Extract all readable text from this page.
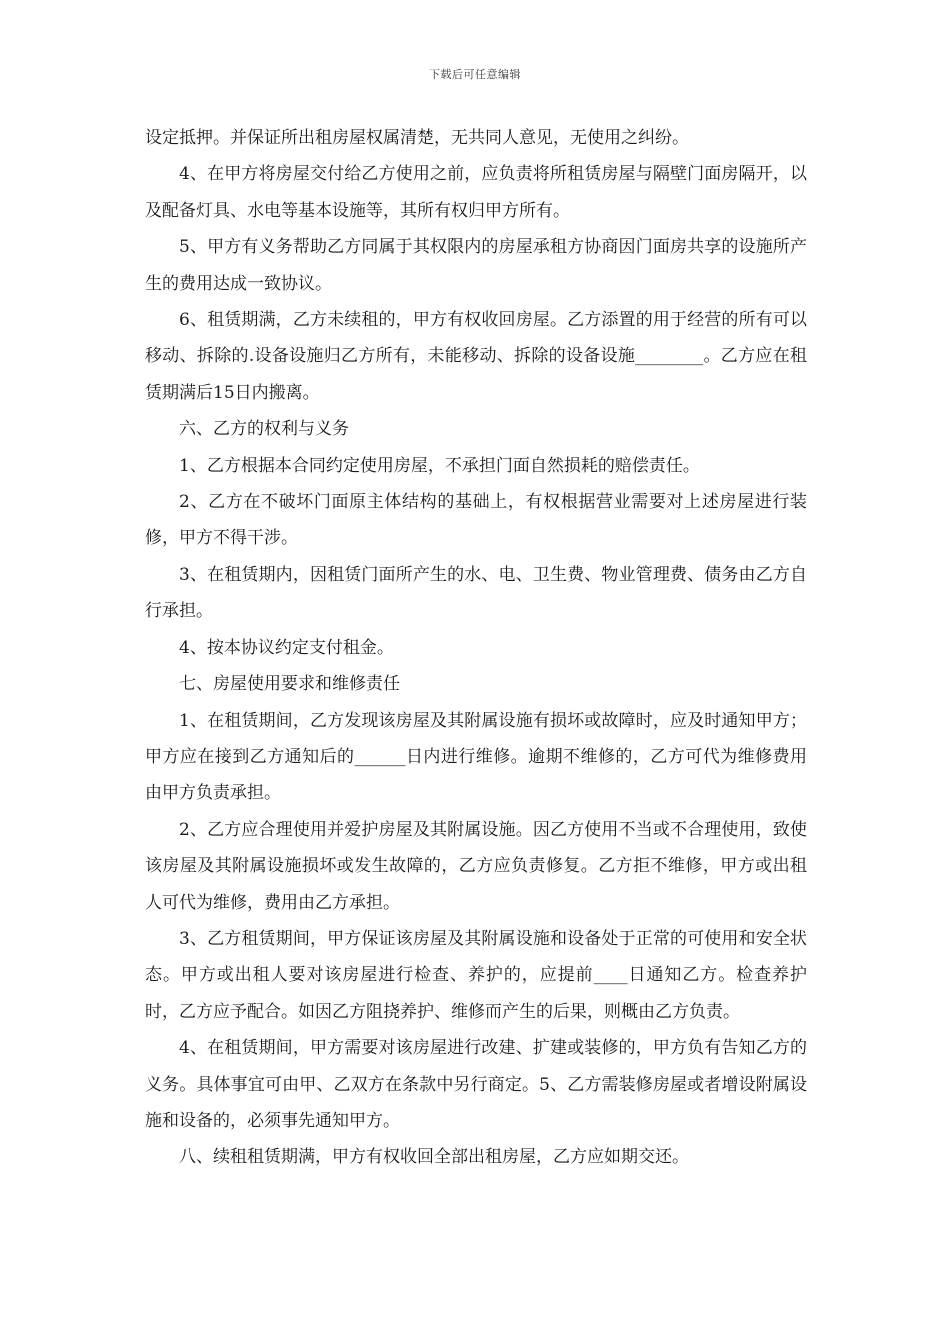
下载后可任意编辑

设定抵押。并保证所出租房屋权属清楚，无共同人意见，无使用之纠纷。

4、在甲方将房屋交付给乙方使用之前，应负责将所租赁房屋与隔壁门面房隔开，以及配备灯具、水电等基本设施等，其所有权归甲方所有。

5、甲方有义务帮助乙方同属于其权限内的房屋承租方协商因门面房共享的设施所产生的费用达成一致协议。

6、租赁期满，乙方未续租的，甲方有权收回房屋。乙方添置的用于经营的所有可以移动、拆除的.设备设施归乙方所有，未能移动、拆除的设备设施________。乙方应在租赁期满后15日内搬离。

六、乙方的权利与义务

1、乙方根据本合同约定使用房屋，不承担门面自然损耗的赔偿责任。

2、乙方在不破坏门面原主体结构的基础上，有权根据营业需要对上述房屋进行装修，甲方不得干涉。

3、在租赁期内，因租赁门面所产生的水、电、卫生费、物业管理费、债务由乙方自行承担。

4、按本协议约定支付租金。

七、房屋使用要求和维修责任

1、在租赁期间，乙方发现该房屋及其附属设施有损坏或故障时，应及时通知甲方；甲方应在接到乙方通知后的______日内进行维修。逾期不维修的，乙方可代为维修费用由甲方负责承担。

2、乙方应合理使用并爱护房屋及其附属设施。因乙方使用不当或不合理使用，致使该房屋及其附属设施损坏或发生故障的，乙方应负责修复。乙方拒不维修，甲方或出租人可代为维修，费用由乙方承担。

3、乙方租赁期间，甲方保证该房屋及其附属设施和设备处于正常的可使用和安全状态。甲方或出租人要对该房屋进行检查、养护的，应提前____日通知乙方。检查养护时，乙方应予配合。如因乙方阻挠养护、维修而产生的后果，则概由乙方负责。

4、在租赁期间，甲方需要对该房屋进行改建、扩建或装修的，甲方负有告知乙方的义务。具体事宜可由甲、乙双方在条款中另行商定。5、乙方需装修房屋或者增设附属设施和设备的，必须事先通知甲方。

八、续租租赁期满，甲方有权收回全部出租房屋，乙方应如期交还。
